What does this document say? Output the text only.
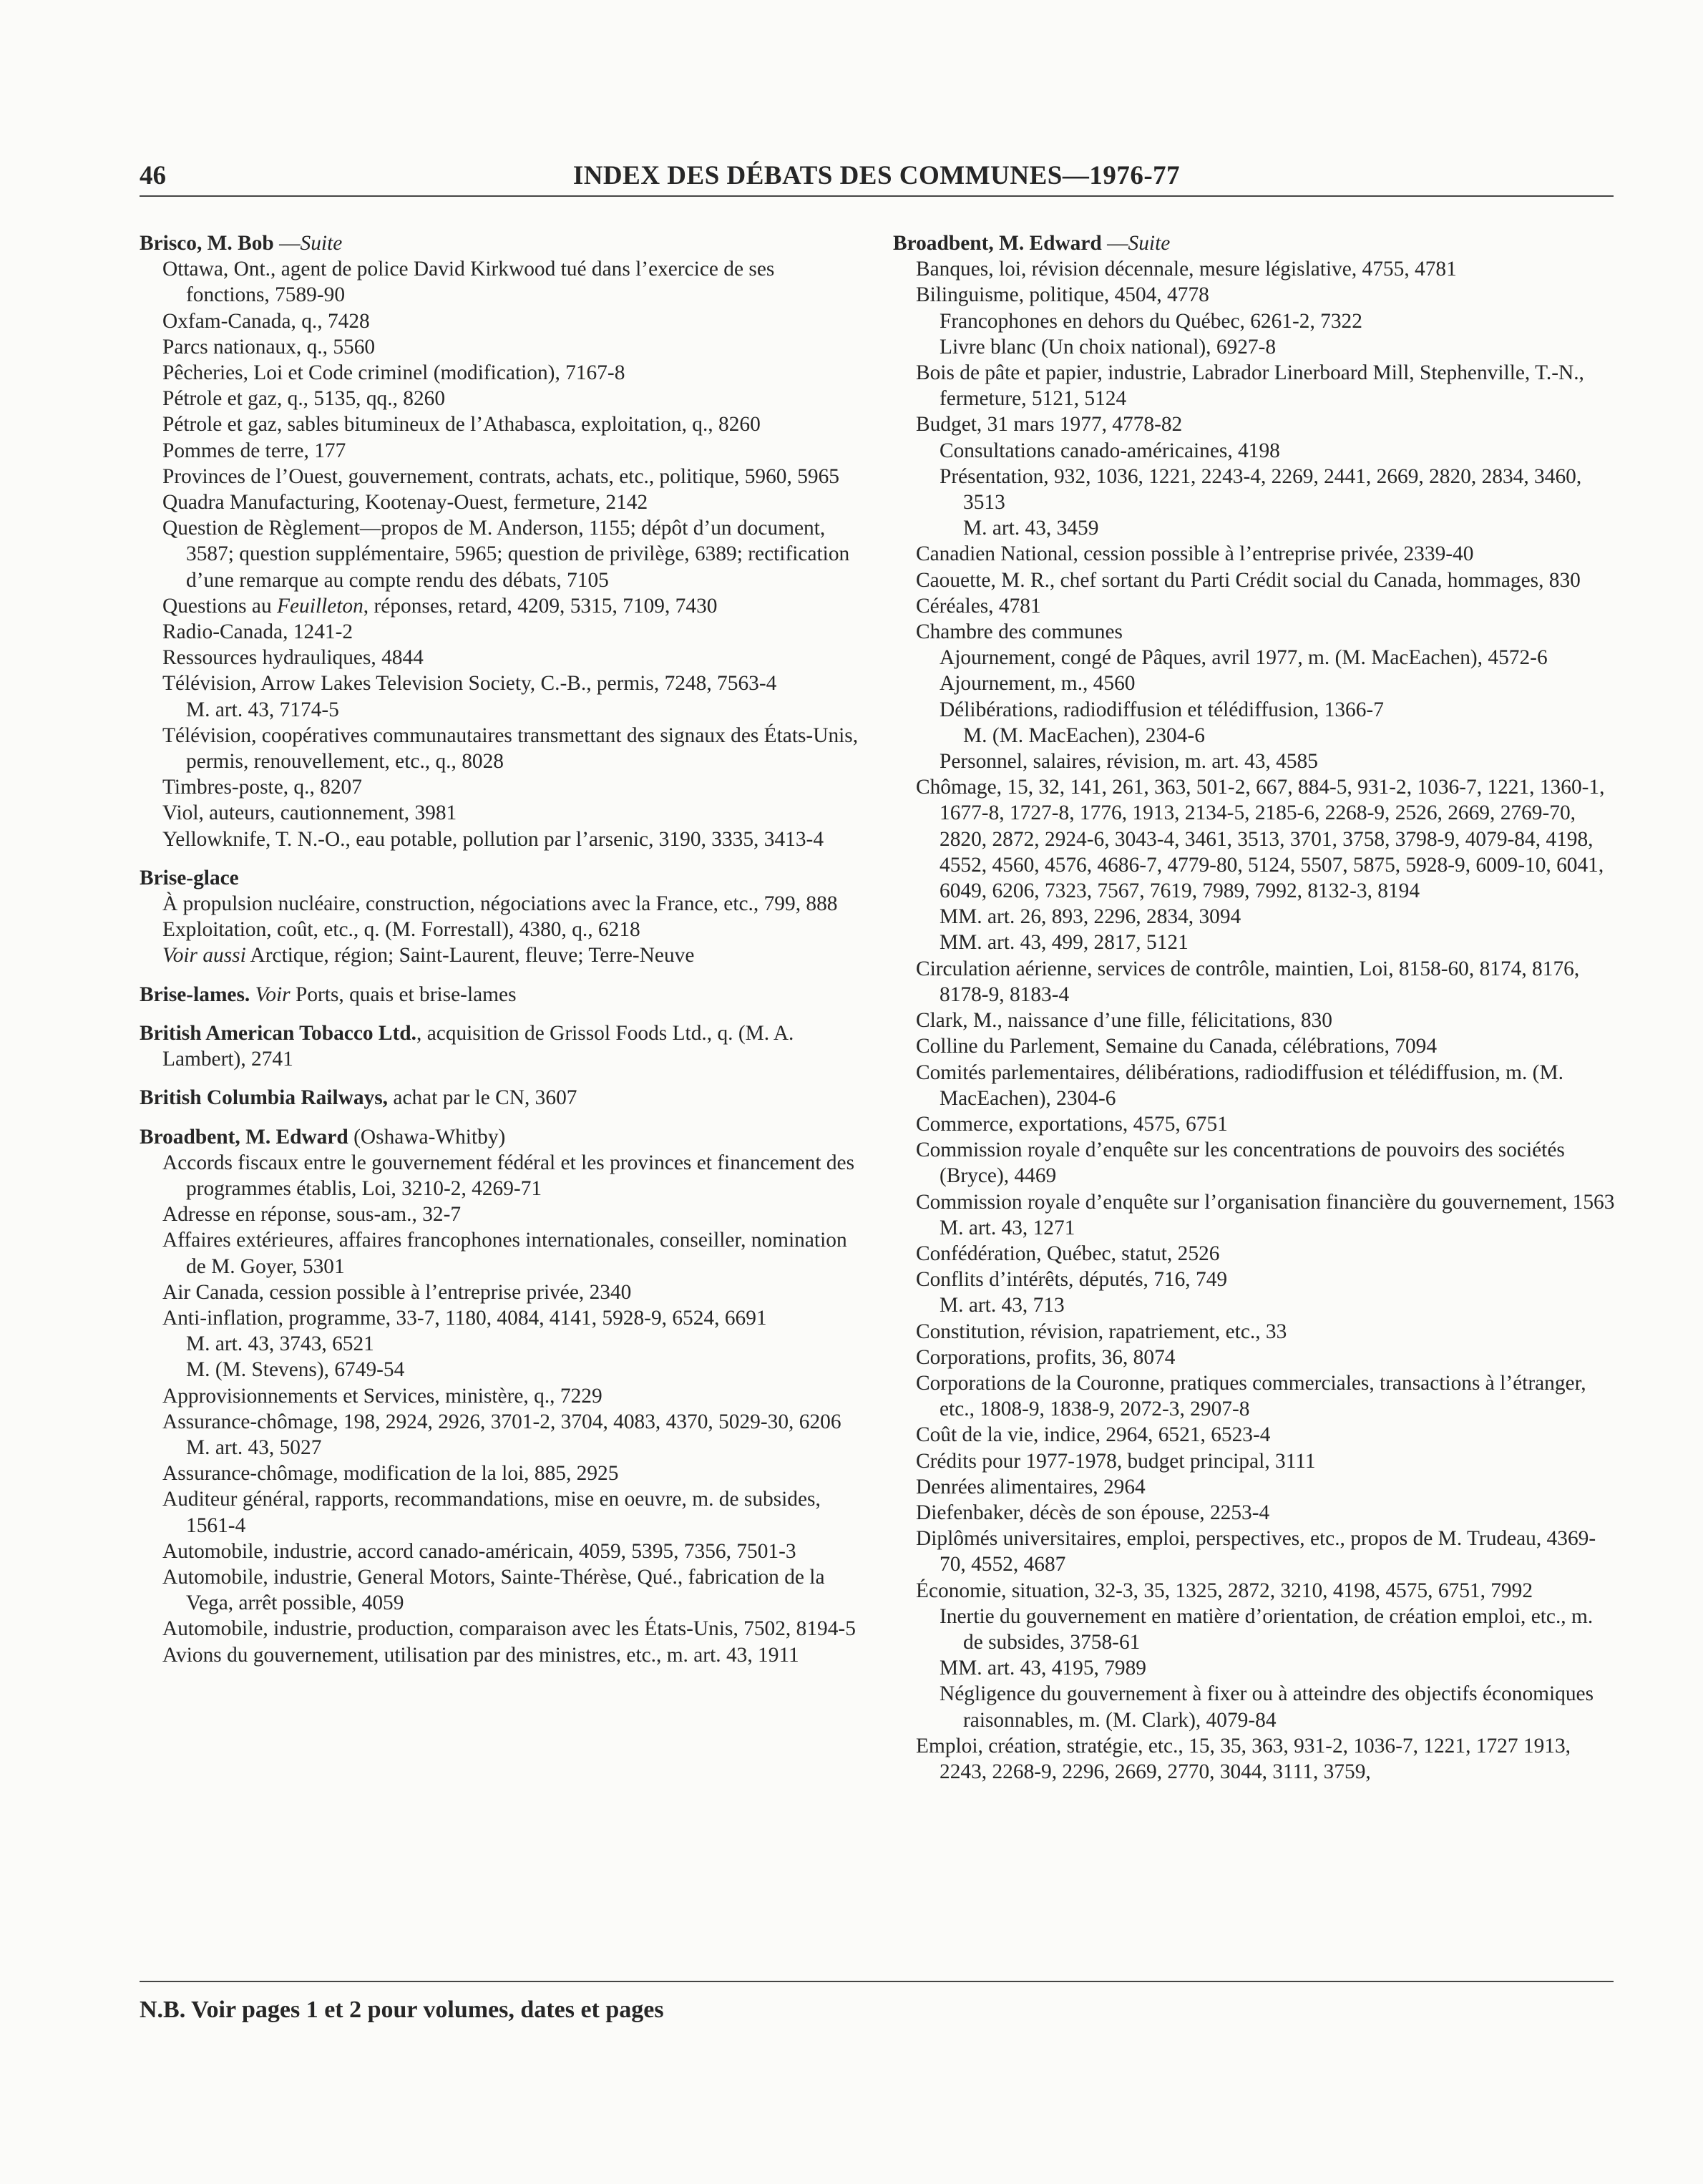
46	INDEX DES DÉBATS DES COMMUNES—1976-77
Brisco, M. Bob —Suite
Ottawa, Ont., agent de police David Kirkwood tué dans l’exercice de ses fonctions, 7589-90
Oxfam-Canada, q., 7428
Parcs nationaux, q., 5560
Pêcheries, Loi et Code criminel (modification), 7167-8
Pétrole et gaz, q., 5135, qq., 8260
Pétrole et gaz, sables bitumineux de l’Athabasca, exploitation, q., 8260
Pommes de terre, 177
Provinces de l’Ouest, gouvernement, contrats, achats, etc., politique, 5960, 5965
Quadra Manufacturing, Kootenay-Ouest, fermeture, 2142
Question de Règlement—propos de M. Anderson, 1155; dépôt d’un document, 3587; question supplémentaire, 5965; question de privilège, 6389; rectification d’une remarque au compte rendu des débats, 7105
Questions au Feuilleton, réponses, retard, 4209, 5315, 7109, 7430
Radio-Canada, 1241-2
Ressources hydrauliques, 4844
Télévision, Arrow Lakes Television Society, C.-B., permis, 7248, 7563-4
M. art. 43, 7174-5
Télévision, coopératives communautaires transmettant des signaux des États-Unis, permis, renouvellement, etc., q., 8028
Timbres-poste, q., 8207
Viol, auteurs, cautionnement, 3981
Yellowknife, T. N.-O., eau potable, pollution par l’arsenic, 3190, 3335, 3413-4
Brise-glace
À propulsion nucléaire, construction, négociations avec la France, etc., 799, 888
Exploitation, coût, etc., q. (M. Forrestall), 4380, q., 6218
Voir aussi Arctique, région; Saint-Laurent, fleuve; Terre-Neuve
Brise-lames. Voir Ports, quais et brise-lames
British American Tobacco Ltd., acquisition de Grissol Foods Ltd., q. (M. A. Lambert), 2741
British Columbia Railways, achat par le CN, 3607
Broadbent, M. Edward (Oshawa-Whitby)
Accords fiscaux entre le gouvernement fédéral et les provinces et financement des programmes établis, Loi, 3210-2, 4269-71
Adresse en réponse, sous-am., 32-7
Affaires extérieures, affaires francophones internationales, conseiller, nomination de M. Goyer, 5301
Air Canada, cession possible à l’entreprise privée, 2340
Anti-inflation, programme, 33-7, 1180, 4084, 4141, 5928-9, 6524, 6691
M. art. 43, 3743, 6521
M. (M. Stevens), 6749-54
Approvisionnements et Services, ministère, q., 7229
Assurance-chômage, 198, 2924, 2926, 3701-2, 3704, 4083, 4370, 5029-30, 6206
M. art. 43, 5027
Assurance-chômage, modification de la loi, 885, 2925
Auditeur général, rapports, recommandations, mise en oeuvre, m. de subsides, 1561-4
Automobile, industrie, accord canado-américain, 4059, 5395, 7356, 7501-3
Automobile, industrie, General Motors, Sainte-Thérèse, Qué., fabrication de la Vega, arrêt possible, 4059
Automobile, industrie, production, comparaison avec les États-Unis, 7502, 8194-5
Avions du gouvernement, utilisation par des ministres, etc., m. art. 43, 1911
Broadbent, M. Edward —Suite
Banques, loi, révision décennale, mesure législative, 4755, 4781
Bilinguisme, politique, 4504, 4778
Francophones en dehors du Québec, 6261-2, 7322
Livre blanc (Un choix national), 6927-8
Bois de pâte et papier, industrie, Labrador Linerboard Mill, Stephenville, T.-N., fermeture, 5121, 5124
Budget, 31 mars 1977, 4778-82
Consultations canado-américaines, 4198
Présentation, 932, 1036, 1221, 2243-4, 2269, 2441, 2669, 2820, 2834, 3460, 3513
M. art. 43, 3459
Canadien National, cession possible à l’entreprise privée, 2339-40
Caouette, M. R., chef sortant du Parti Crédit social du Canada, hommages, 830
Céréales, 4781
Chambre des communes
Ajournement, congé de Pâques, avril 1977, m. (M. MacEachen), 4572-6
Ajournement, m., 4560
Délibérations, radiodiffusion et télédiffusion, 1366-7
M. (M. MacEachen), 2304-6
Personnel, salaires, révision, m. art. 43, 4585
Chômage, 15, 32, 141, 261, 363, 501-2, 667, 884-5, 931-2, 1036-7, 1221, 1360-1, 1677-8, 1727-8, 1776, 1913, 2134-5, 2185-6, 2268-9, 2526, 2669, 2769-70, 2820, 2872, 2924-6, 3043-4, 3461, 3513, 3701, 3758, 3798-9, 4079-84, 4198, 4552, 4560, 4576, 4686-7, 4779-80, 5124, 5507, 5875, 5928-9, 6009-10, 6041, 6049, 6206, 7323, 7567, 7619, 7989, 7992, 8132-3, 8194
MM. art. 26, 893, 2296, 2834, 3094
MM. art. 43, 499, 2817, 5121
Circulation aérienne, services de contrôle, maintien, Loi, 8158-60, 8174, 8176, 8178-9, 8183-4
Clark, M., naissance d’une fille, félicitations, 830
Colline du Parlement, Semaine du Canada, célébrations, 7094
Comités parlementaires, délibérations, radiodiffusion et télédiffusion, m. (M. MacEachen), 2304-6
Commerce, exportations, 4575, 6751
Commission royale d’enquête sur les concentrations de pouvoirs des sociétés (Bryce), 4469
Commission royale d’enquête sur l’organisation financière du gouvernement, 1563
M. art. 43, 1271
Confédération, Québec, statut, 2526
Conflits d’intérêts, députés, 716, 749
M. art. 43, 713
Constitution, révision, rapatriement, etc., 33
Corporations, profits, 36, 8074
Corporations de la Couronne, pratiques commerciales, transactions à l’étranger, etc., 1808-9, 1838-9, 2072-3, 2907-8
Coût de la vie, indice, 2964, 6521, 6523-4
Crédits pour 1977-1978, budget principal, 3111
Denrées alimentaires, 2964
Diefenbaker, décès de son épouse, 2253-4
Diplômés universitaires, emploi, perspectives, etc., propos de M. Trudeau, 4369-70, 4552, 4687
Économie, situation, 32-3, 35, 1325, 2872, 3210, 4198, 4575, 6751, 7992
Inertie du gouvernement en matière d’orientation, de création emploi, etc., m. de subsides, 3758-61
MM. art. 43, 4195, 7989
Négligence du gouvernement à fixer ou à atteindre des objectifs économiques raisonnables, m. (M. Clark), 4079-84
Emploi, création, stratégie, etc., 15, 35, 363, 931-2, 1036-7, 1221, 1727 1913, 2243, 2268-9, 2296, 2669, 2770, 3044, 3111, 3759,
N.B. Voir pages 1 et 2 pour volumes, dates et pages
